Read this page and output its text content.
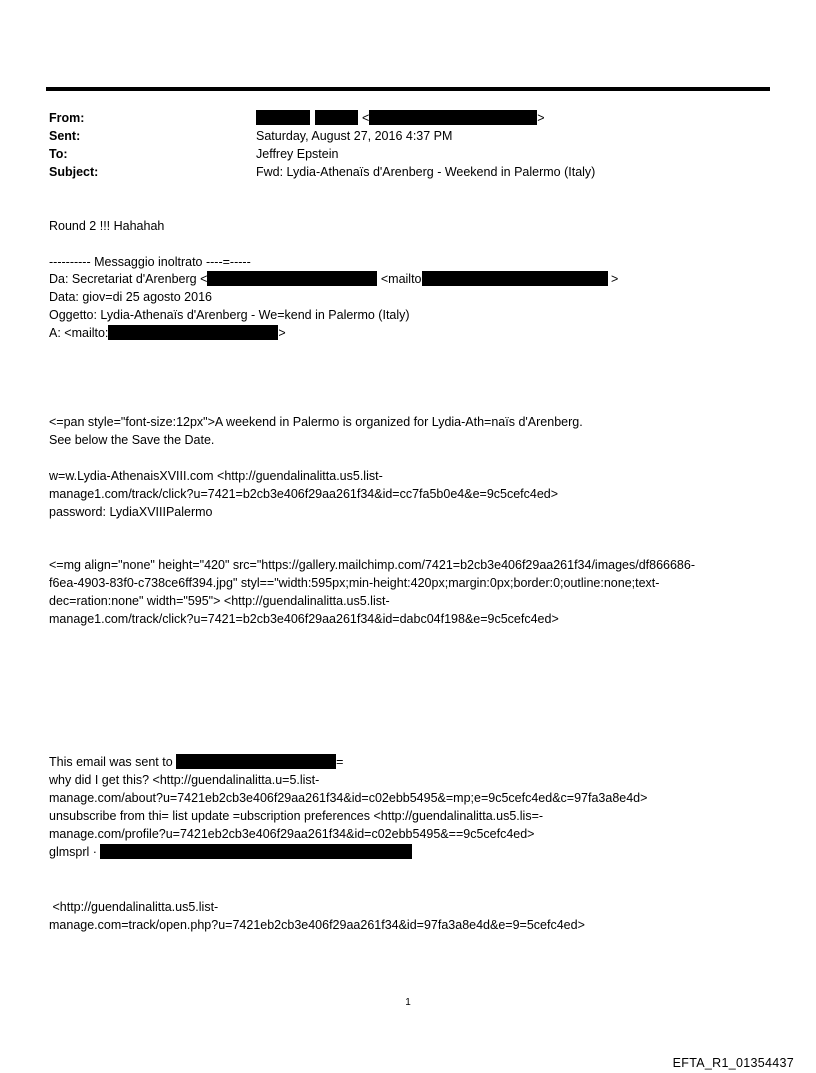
From:	<	>
Sent:	Saturday, August 27, 2016 4:37 PM
To:	Jeffrey Epstein
Subject:	Fwd: Lydia-Athenaïs d'Arenberg - Weekend in Palermo (Italy)
Round 2 !!! Hahahah
---------- Messaggio inoltrato ----=-----
Da: Secretariat d'Arenberg <	<mailto	>
Data: giov=di 25 agosto 2016
Oggetto: Lydia-Athenaïs d'Arenberg - We=kend in Palermo (Italy)
A: <mailto:	>
<=pan style="font-size:12px">A weekend in Palermo is organized for Lydia-Ath=naïs d'Arenberg.
See below the Save the Date.
w=w.Lydia-AthenaisXVIII.com <http://guendalinalitta.us5.list-
manage1.com/track/click?u=7421=b2cb3e406f29aa261f34&id=cc7fa5b0e4&e=9c5cefc4ed>
password: LydiaXVIIIPalermo
<=mg align="none" height="420" src="https://gallery.mailchimp.com/7421=b2cb3e406f29aa261f34/images/df866686-
f6ea-4903-83f0-c738ce6ff394.jpg" styl=="width:595px;min-height:420px;margin:0px;border:0;outline:none;text-
dec=ration:none" width="595"> <http://guendalinalitta.us5.list-
manage1.com/track/click?u=7421=b2cb3e406f29aa261f34&id=dabc04f198&e=9c5cefc4ed>
This email was sent to	=
why did I get this? <http://guendalinalitta.u=5.list-
manage.com/about?u=7421eb2cb3e406f29aa261f34&id=c02ebb5495&=mp;e=9c5cefc4ed&c=97fa3a8e4d>
unsubscribe from thi= list update =ubscription preferences <http://guendalinalitta.us5.lis=-
manage.com/profile?u=7421eb2cb3e406f29aa261f34&id=c02ebb5495&==9c5cefc4ed>
glmsprl ·
<http://guendalinalitta.us5.list-
manage.com=track/open.php?u=7421eb2cb3e406f29aa261f34&id=97fa3a8e4d&e=9=5cefc4ed>
1
EFTA_R1_01354437
